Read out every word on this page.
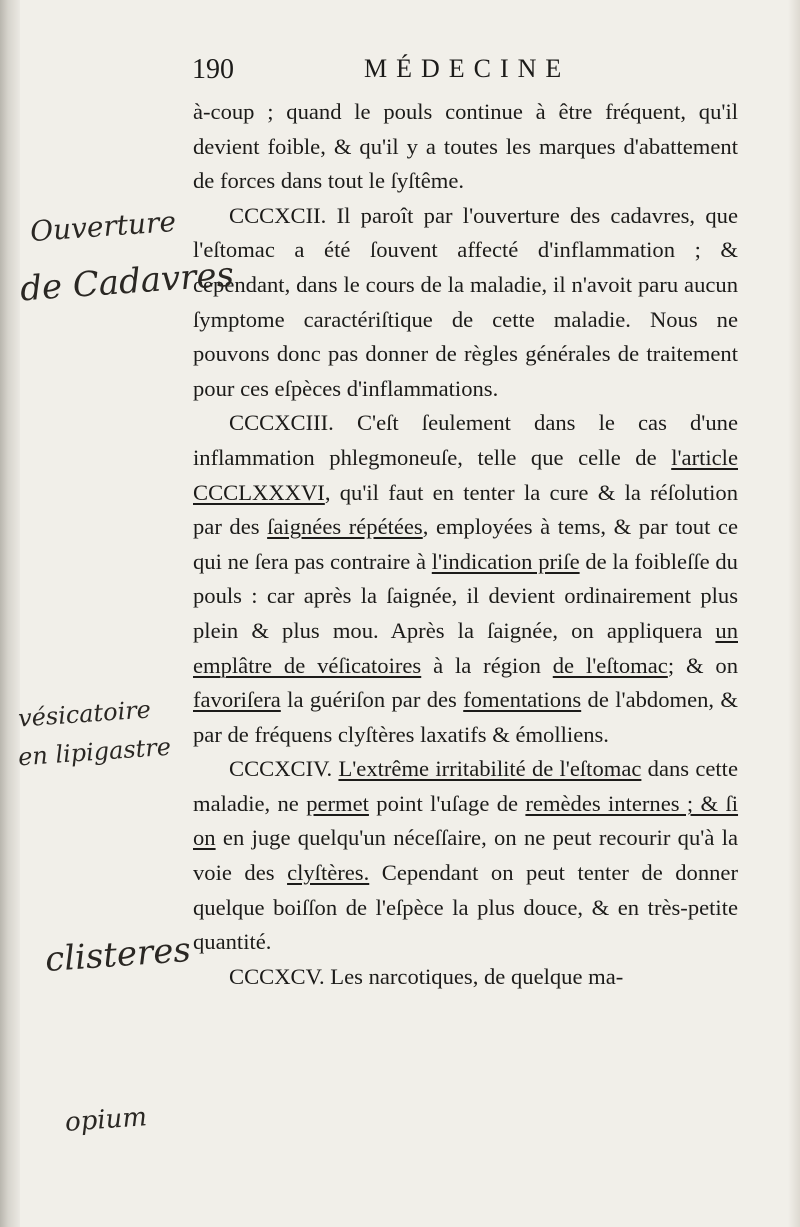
190	MÉDECINE

à-coup ; quand le pouls continue à être fréquent, qu'il devient foible, & qu'il y a toutes les marques d'abattement de forces dans tout le ſyſtême.

CCCXCII. Il paroît par l'ouverture des cadavres, que l'eſtomac a été ſouvent affecté d'inflammation ; & cependant, dans le cours de la maladie, il n'avoit paru aucun ſymptome caractériſtique de cette maladie. Nous ne pouvons donc pas donner de règles générales de traitement pour ces eſpèces d'inflammations.

CCCXCIII. C'eſt ſeulement dans le cas d'une inflammation phlegmoneuſe, telle que celle de l'article CCCLXXXVI, qu'il faut en tenter la cure & la réſolution par des ſaignées répétées, employées à tems, & par tout ce qui ne ſera pas contraire à l'indication priſe de la foibleſſe du pouls : car après la ſaignée, il devient ordinairement plus plein & plus mou. Après la ſaignée, on appliquera un emplâtre de véſicatoires à la région de l'eſtomac; & on favoriſera la guériſon par des fomentations de l'abdomen, & par de fréquens clyſtères laxatifs & émolliens.

CCCXCIV. L'extrême irritabilité de l'eſtomac dans cette maladie, ne permet point l'uſage de remèdes internes ; & ſi on en juge quelqu'un néceſſaire, on ne peut recourir qu'à la voie des clyſtères. Cependant on peut tenter de donner quelque boiſſon de l'eſpèce la plus douce, & en très-petite quantité.

CCCXCV. Les narcotiques, de quelque ma-

Ouverture
de Cadavres
vésicatoire
en lipigastre
clisteres
opium
